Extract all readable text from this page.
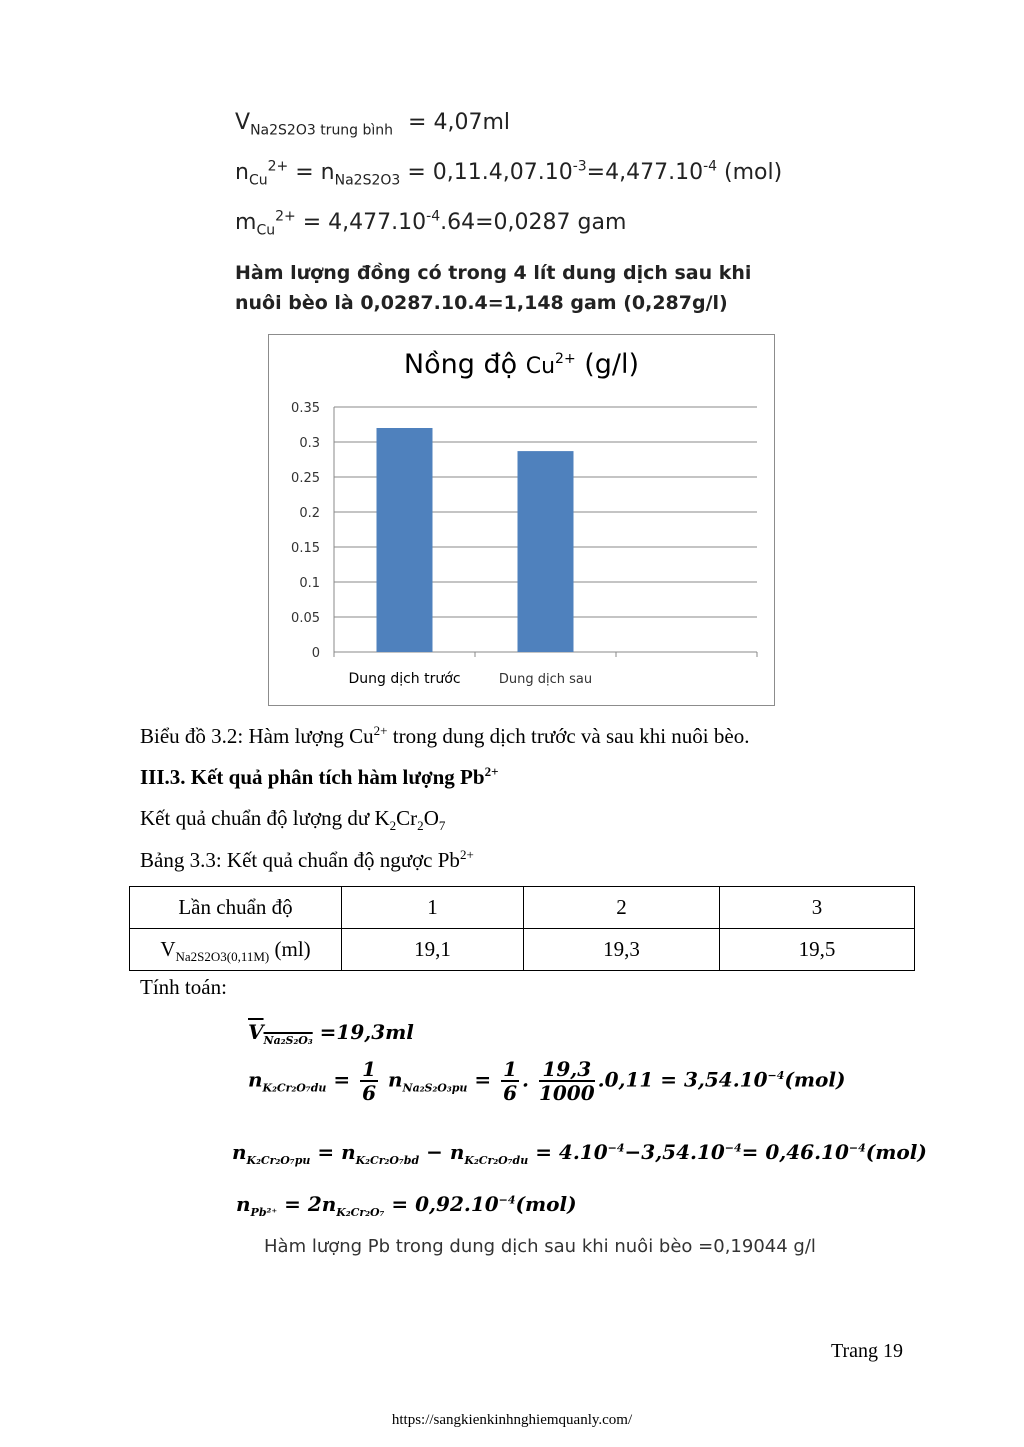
$V_{Na2S2O3 trung bình} = 4,07ml$
$n_{Cu}^{2+} = n_{Na2S2O3} = 0,11.4,07.10^{-3}=4,477.10^{-4}$ (mol)
$m_{Cu}^{2+} = 4,477.10^{-4}.64=0,0287$ gam
Hàm lượng đồng có trong 4 lít dung dịch sau khi
nuôi bèo là 0,0287.10.4=1,148 gam (0,287g/l)
Nồng độ $Cu^{2+}$ (g/l)
0.35
0.3
0.25
0.2
0.15
0.1
0.05
0
Dung dịch trước	Dung dịch sau
Biểu đồ 3.2: Hàm lượng $Cu^{2+}$ trong dung dịch trước và sau khi nuôi bèo.
III.3. Kết quả phân tích hàm lượng $Pb^{2+}$
Kết quả chuẩn độ lượng dư $K_2Cr_2O_7$
Bảng 3.3: Kết quả chuẩn độ ngược $Pb^{2+}$
Lần chuẩn độ	1	2	3
$V_{Na2S2O3(0,11M)}$ (ml)	19,1	19,3	19,5
Tính toán:
$V_{Na_2S_2O_3} =19,3ml$
$n_{K_2Cr_2O_7du} = \frac{1}{6} n_{Na_2S_2O_3pu} = \frac{1}{6}$ . $\frac{19,3}{1000} .0,11 = 3,54.10^{-4}(mol)$
$n_{K_2Cr_2O_7pu} = n_{K_2Cr_2O_7bd} - n_{K_2Cr_2O_7du} = 4.10^{-4}-3,54.10^{-4}= 0,46.10^{-4}(mol)$
$n_{Pb^{2+}} = 2n_{K_2Cr_2O_7} = 0,92.10^{-4}(mol)$
Hàm lượng Pb trong dung dịch sau khi nuôi bèo =0,19044 g/l
Trang 19
https://sangkienkinhnghiemquanly.com/
